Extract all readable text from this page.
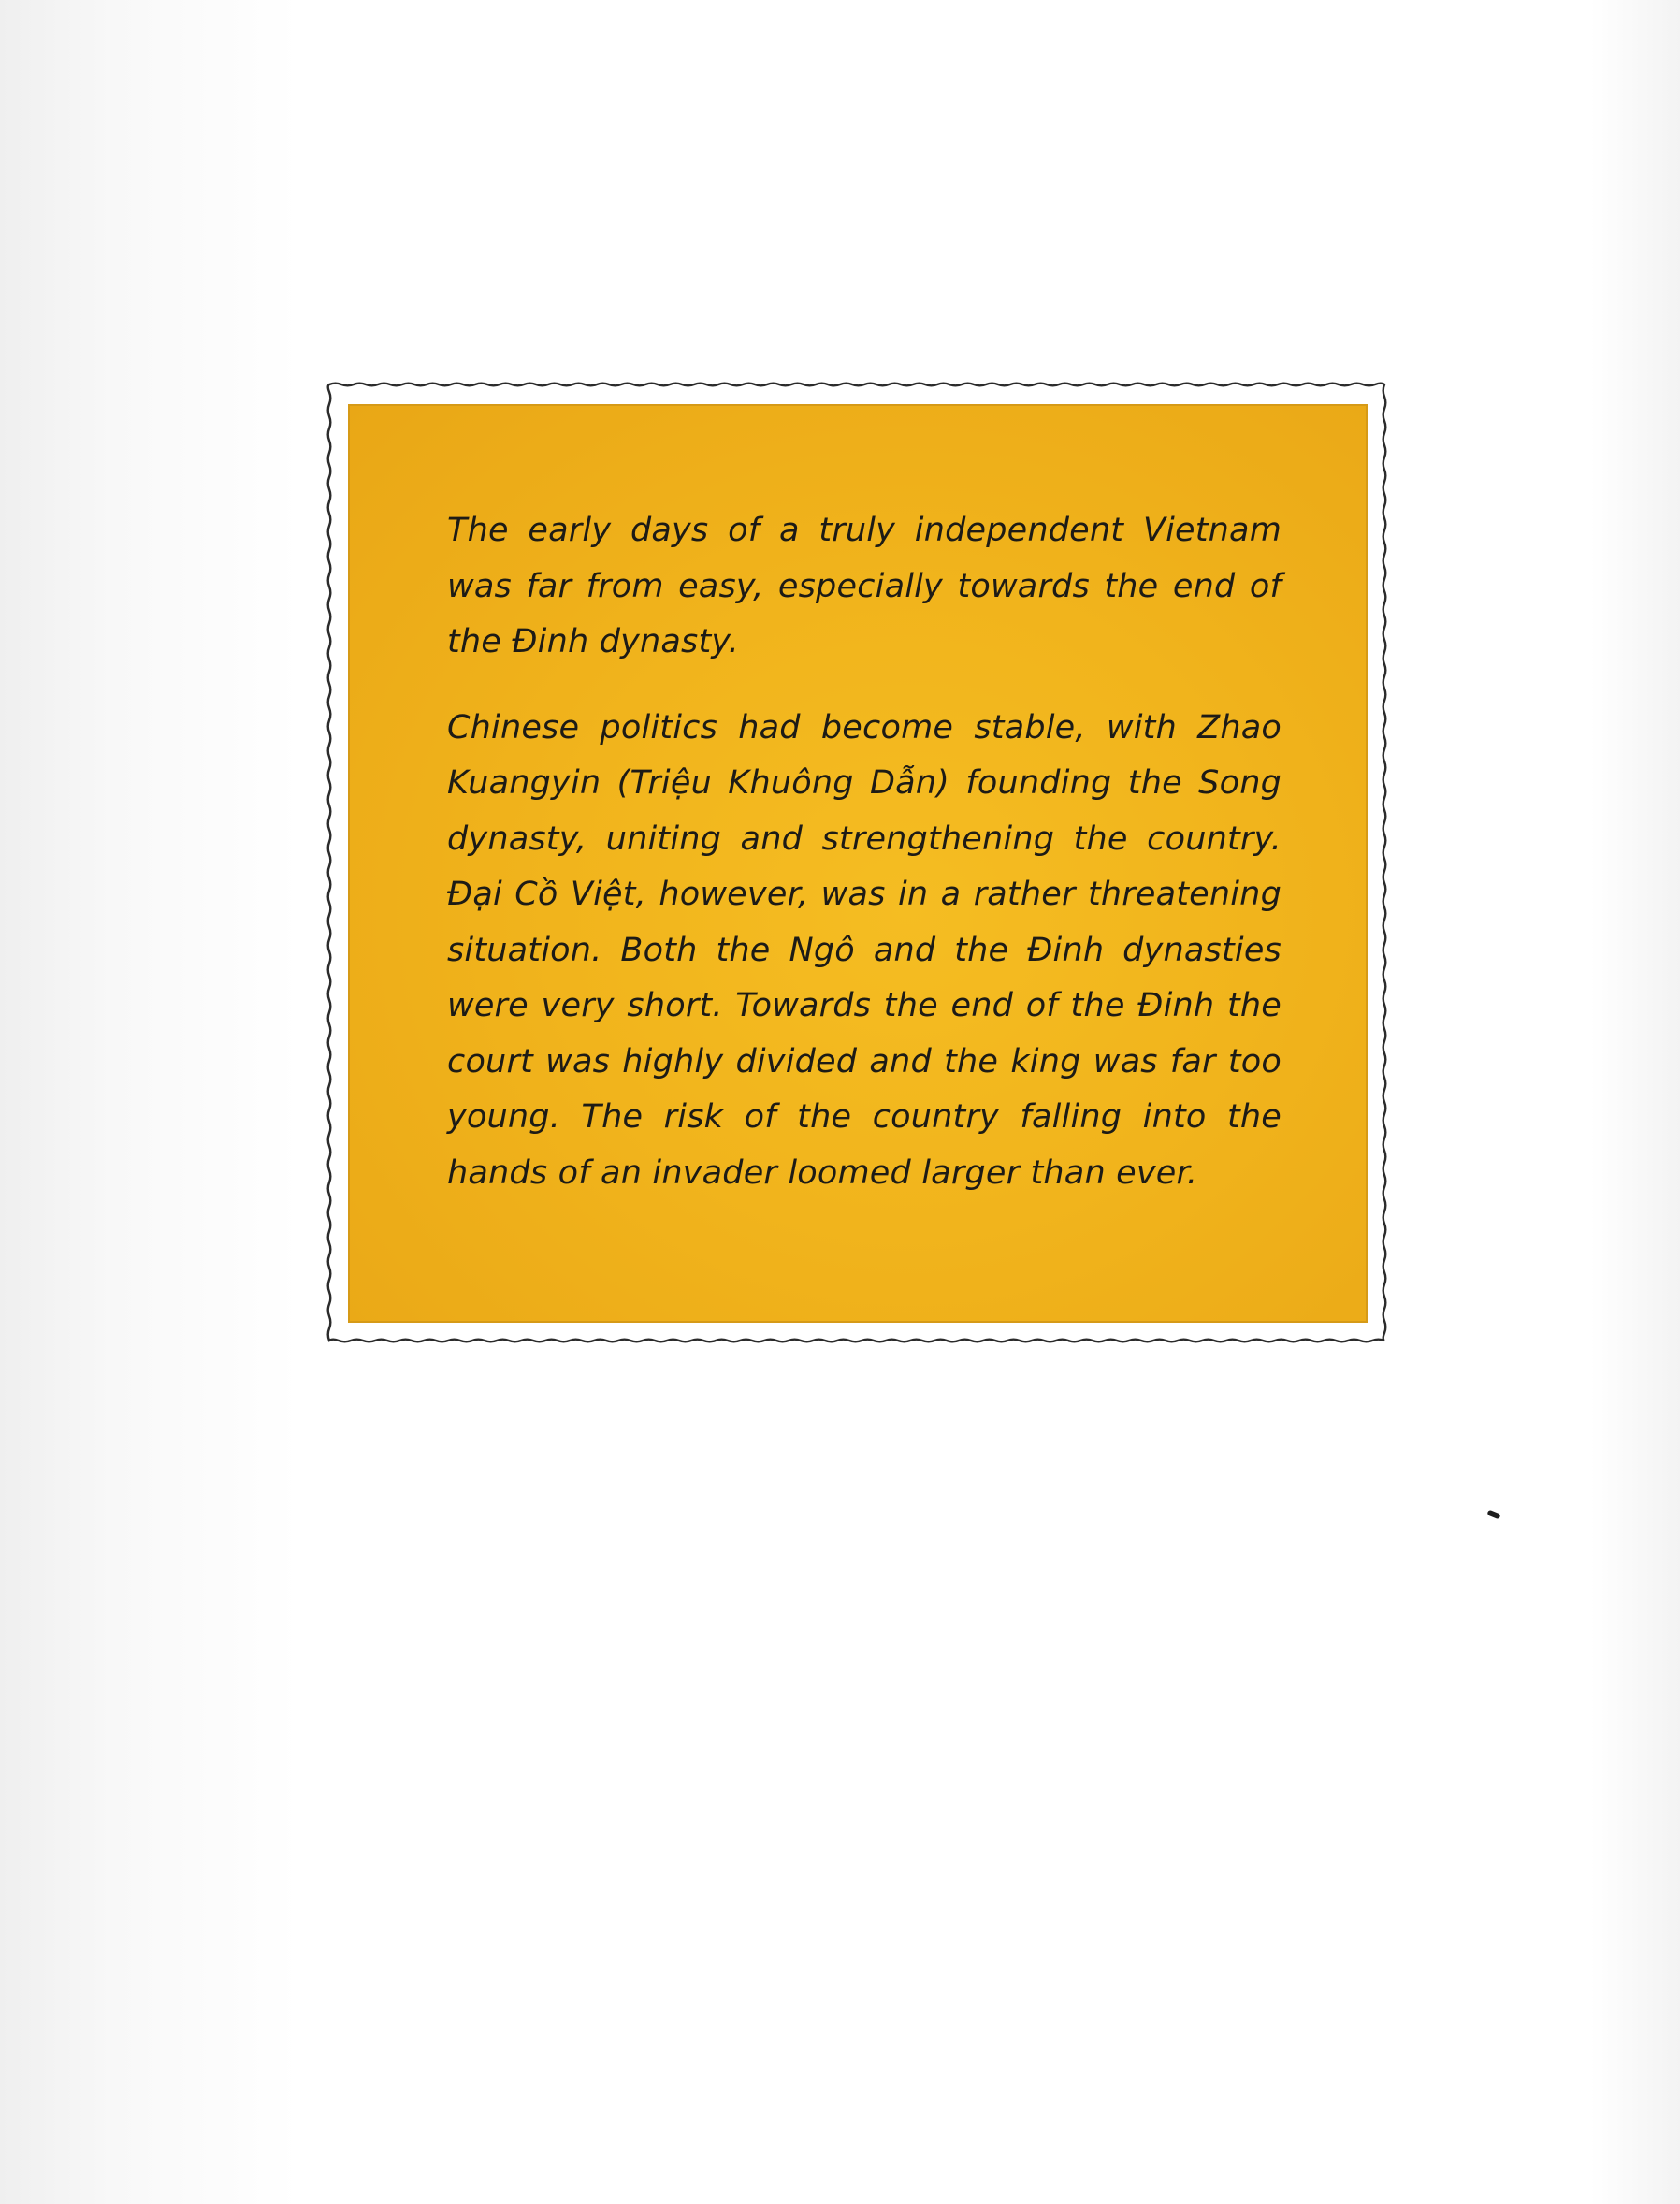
The early days of a truly independent Vietnam was far from easy, especially towards the end of the Đinh dynasty.

Chinese politics had become stable, with Zhao Kuangyin (Triệu Khuông Dẫn) founding the Song dynasty, uniting and strengthening the country. Đại Cồ Việt, however, was in a rather threatening situation. Both the Ngô and the Đinh dynasties were very short. Towards the end of the Đinh the court was highly divided and the king was far too young. The risk of the country falling into the hands of an invader loomed larger than ever.
